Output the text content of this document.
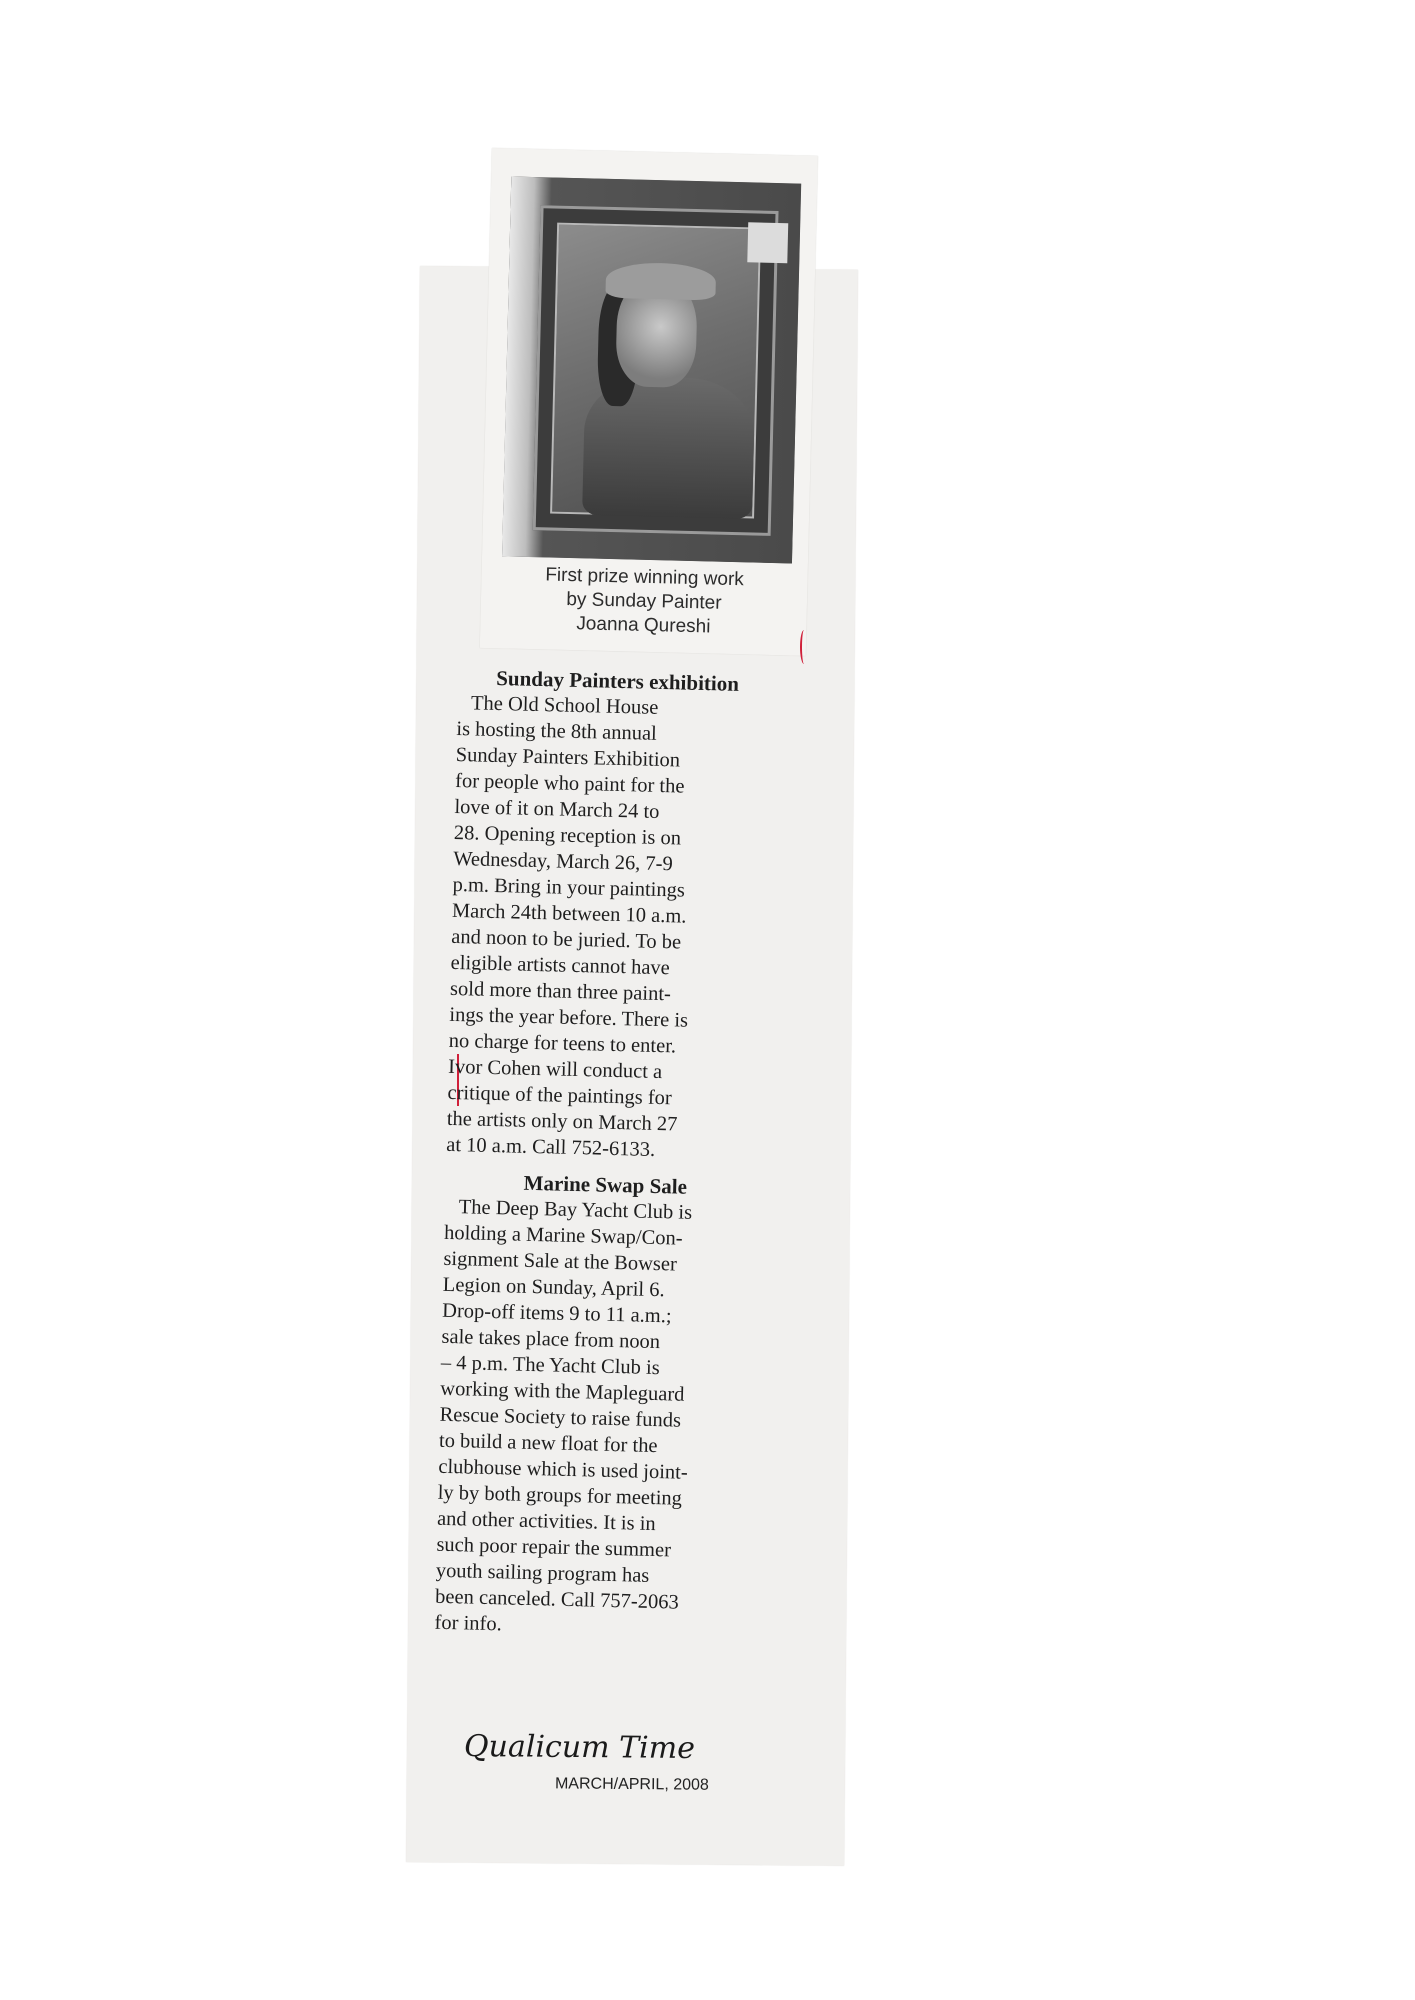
First prize winning work
by Sunday Painter
Joanna Qureshi
Sunday Painters exhibition
The Old School House
is hosting the 8th annual
Sunday Painters Exhibition
for people who paint for the
love of it on March 24 to
28. Opening reception is on
Wednesday, March 26, 7-9
p.m. Bring in your paintings
March 24th between 10 a.m.
and noon to be juried. To be
eligible artists cannot have
sold more than three paint-
ings the year before. There is
no charge for teens to enter.
Ivor Cohen will conduct a
critique of the paintings for
the artists only on March 27
at 10 a.m. Call 752-6133.
Marine Swap Sale
The Deep Bay Yacht Club is
holding a Marine Swap/Con-
signment Sale at the Bowser
Legion on Sunday, April 6.
Drop-off items 9 to 11 a.m.;
sale takes place from noon
– 4 p.m. The Yacht Club is
working with the Mapleguard
Rescue Society to raise funds
to build a new float for the
clubhouse which is used joint-
ly by both groups for meeting
and other activities. It is in
such poor repair the summer
youth sailing program has
been canceled. Call 757-2063
for info.
Qualicum Time
MARCH/APRIL, 2008
